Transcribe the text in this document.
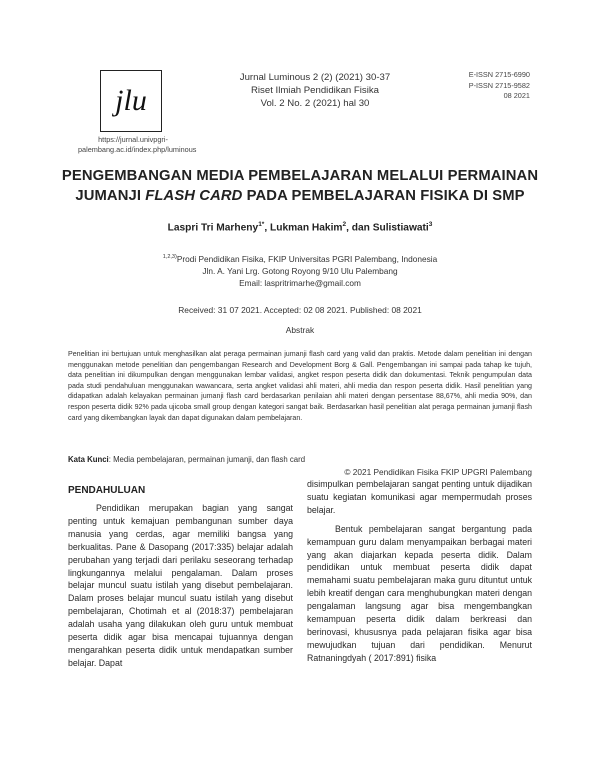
jlu
https://jurnal.univpgri-palembang.ac.id/index.php/luminous
Jurnal Luminous 2 (2) (2021) 30-37
Riset Ilmiah Pendidikan Fisika
Vol. 2 No. 2 (2021) hal 30
E-ISSN 2715-6990
P-ISSN 2715-9582
08 2021
PENGEMBANGAN MEDIA PEMBELAJARAN MELALUI PERMAINAN
JUMANJI FLASH CARD PADA PEMBELAJARAN FISIKA DI SMP
Laspri Tri Marheny$^{1*}$, Lukman Hakim$^2$, dan Sulistiawati$^3$
$^{1,2,3)}$Prodi Pendidikan Fisika, FKIP Universitas PGRI Palembang, Indonesia
Jln. A. Yani Lrg. Gotong Royong 9/10 Ulu Palembang
Email: laspritrimarhe@gmail.com
Received: 31 07 2021. Accepted: 02 08 2021. Published: 08 2021
Abstrak
Penelitian ini bertujuan untuk menghasilkan alat peraga permainan jumanji flash card yang valid dan praktis. Metode dalam penelitian ini dengan menggunakan metode penelitian dan pengembangan Research and Development Borg & Gall. Pengembangan ini sampai pada tahap ke tujuh, data penelitian ini dikumpulkan dengan menggunakan lembar validasi, angket respon peserta didik dan dokumentasi. Teknik pengumpulan data pada studi pendahuluan menggunakan wawancara, serta angket validasi ahli materi, ahli media dan respon peserta didik. Hasil penelitian yang didapatkan adalah kelayakan permainan jumanji flash card berdasarkan penilaian ahli materi dengan persentase 88,67%, ahli media 90%, dan respon peserta didik 92% pada ujicoba small group dengan kategori sangat baik. Berdasarkan hasil penelitian alat peraga permainan jumanji flash card yang dikembangkan layak dan dapat digunakan dalam pembelajaran.
Kata Kunci: Media pembelajaran, permainan jumanji, dan flash card
PENDAHULUAN

Pendidikan merupakan bagian yang sangat penting untuk kemajuan pembangunan sumber daya manusia yang cerdas, agar memiliki bangsa yang berkualitas. Pane & Dasopang (2017:335) belajar adalah perubahan yang terjadi dari perilaku seseorang terhadap lingkungannya melalui pengalaman. Dalam proses belajar muncul suatu istilah yang disebut pembelajaran. Dalam proses belajar muncul suatu istilah yang disebut pembelajaran, Chotimah et al (2018:37) pembelajaran adalah usaha yang dilakukan oleh guru untuk membuat peserta didik agar bisa mencapai tujuannya dengan mengarahkan peserta didik untuk mendapatkan sumber belajar. Dapat

© 2021 Pendidikan Fisika FKIP UPGRI Palembang

disimpulkan pembelajaran sangat penting untuk dijadikan suatu kegiatan komunikasi agar mempermudah proses belajar.

Bentuk pembelajaran sangat bergantung pada kemampuan guru dalam menyampaikan berbagai materi yang akan diajarkan kepada peserta didik. Dalam pendidikan untuk membuat peserta didik dapat memahami suatu pembelajaran maka guru dituntut untuk lebih kreatif dengan cara menghubungkan materi dengan pengalaman langsung agar bisa mengembangkan kemampuan peserta didik dalam berkreasi dan berinovasi, khususnya pada pelajaran fisika agar bisa mewujudkan tujuan dari pendidikan. Menurut Ratnaningdyah ( 2017:891) fisika
